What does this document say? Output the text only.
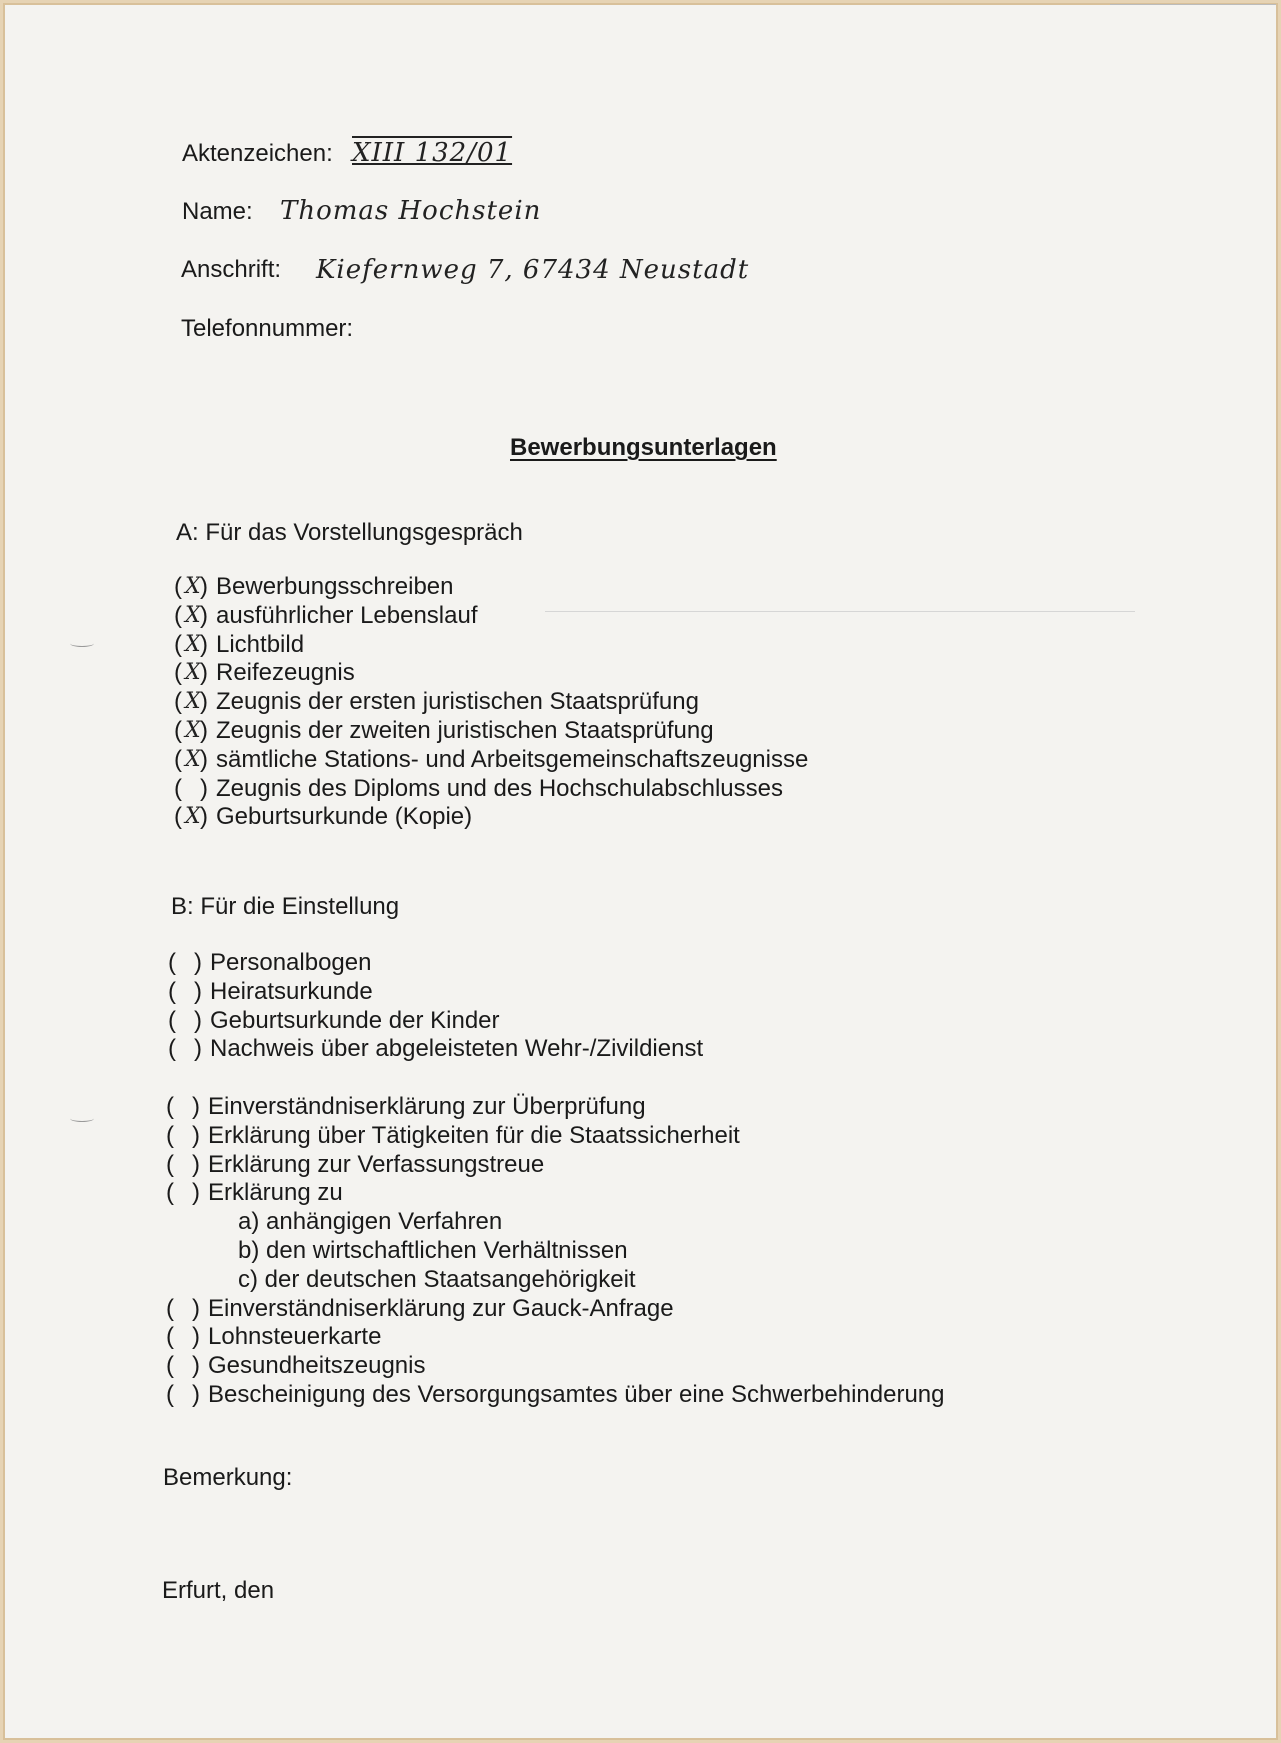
Aktenzeichen: XIII 132/01
Name: Thomas Hochstein
Anschrift: Kiefernweg 7, 67434 Neustadt
Telefonnummer:
Bewerbungsunterlagen
A: Für das Vorstellungsgespräch
( X ) Bewerbungsschreiben
( X ) ausführlicher Lebenslauf
( X ) Lichtbild
( X ) Reifezeugnis
( X ) Zeugnis der ersten juristischen Staatsprüfung
( X ) Zeugnis der zweiten juristischen Staatsprüfung
( X ) sämtliche Stations- und Arbeitsgemeinschaftszeugnisse
( ) Zeugnis des Diploms und des Hochschulabschlusses
( X ) Geburtsurkunde (Kopie)
B: Für die Einstellung
( ) Personalbogen
( ) Heiratsurkunde
( ) Geburtsurkunde der Kinder
( ) Nachweis über abgeleisteten Wehr-/Zivildienst
( ) Einverständniserklärung zur Überprüfung
( ) Erklärung über Tätigkeiten für die Staatssicherheit
( ) Erklärung zur Verfassungstreue
( ) Erklärung zu
a) anhängigen Verfahren
b) den wirtschaftlichen Verhältnissen
c) der deutschen Staatsangehörigkeit
( ) Einverständniserklärung zur Gauck-Anfrage
( ) Lohnsteuerkarte
( ) Gesundheitszeugnis
( ) Bescheinigung des Versorgungsamtes über eine Schwerbehinderung
Bemerkung:
Erfurt, den
